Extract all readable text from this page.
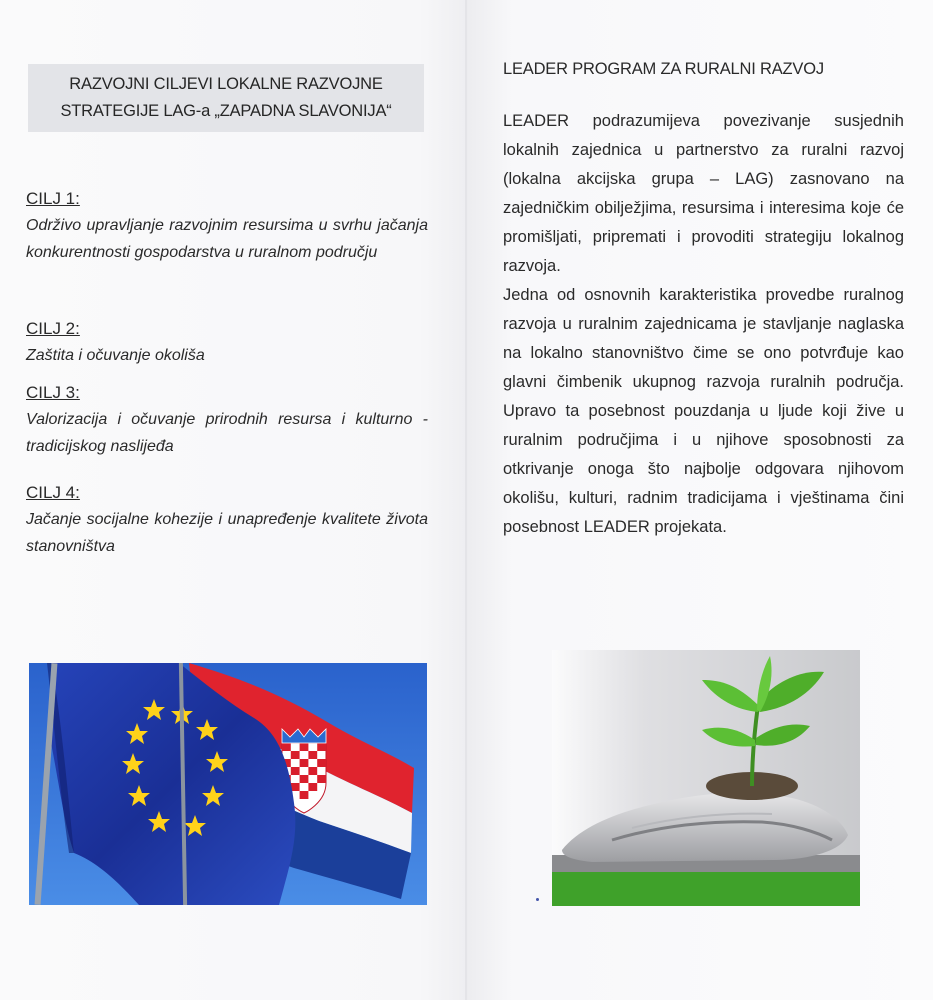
RAZVOJNI CILJEVI LOKALNE RAZVOJNE
STRATEGIJE LAG-a „ZAPADNA SLAVONIJA“
CILJ 1:
Održivo upravljanje razvojnim resursima u svrhu jačanja konkurentnosti gospodarstva u ruralnom području
CILJ 2:
Zaštita i očuvanje okoliša
CILJ 3:
Valorizacija i očuvanje prirodnih resursa i kulturno - tradicijskog naslijeđa
CILJ 4:
Jačanje socijalne kohezije i unapređenje kvalitete života stanovništva
LEADER PROGRAM ZA RURALNI RAZVOJ

LEADER podrazumijeva povezivanje susjednih lokalnih zajednica u partnerstvo za ruralni razvoj (lokalna akcijska grupa – LAG) zasnovano na zajedničkim obilježjima, resursima i interesima koje će promišljati, pripremati i provoditi strategiju lokalnog razvoja.

Jedna od osnovnih karakteristika provedbe ruralnog razvoja u ruralnim zajednicama je stavljanje naglaska na lokalno stanovništvo čime se ono potvrđuje kao glavni čimbenik ukupnog razvoja ruralnih područja. Upravo ta posebnost pouzdanja u ljude koji žive u ruralnim područjima i u njihove sposobnosti za otkrivanje onoga što najbolje odgovara njihovom okolišu, kulturi, radnim tradicijama i vještinama čini posebnost LEADER projekata.
